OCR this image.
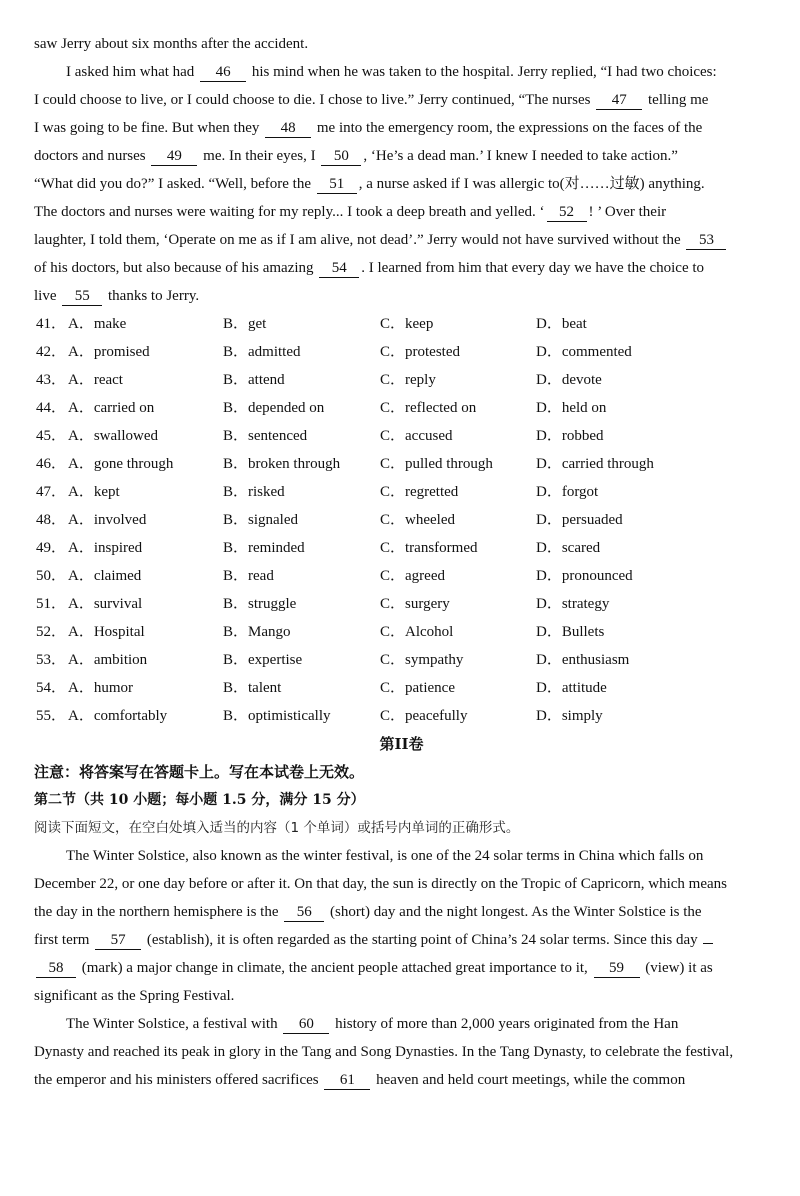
saw Jerry about six months after the accident.
I asked him what had 46 his mind when he was taken to the hospital. Jerry replied, “I had two choices:
I could choose to live, or I could choose to die. I chose to live.” Jerry continued, “The nurses 47 telling me
I was going to be fine. But when they 48 me into the emergency room, the expressions on the faces of the
doctors and nurses 49 me. In their eyes, I 50 , ‘He’s a dead man.’ I knew I needed to take action.”
“What did you do?” I asked. “Well, before the 51 , a nurse asked if I was allergic to(对……过敏) anything.
The doctors and nurses were waiting for my reply... I took a deep breath and yelled. ‘ 52 ! ’ Over their
laughter, I told them, ‘Operate on me as if I am alive, not dead’.” Jerry would not have survived without the 53
of his doctors, but also because of his amazing 54 . I learned from him that every day we have the choice to
live 55 thanks to Jerry.
41． A．make	B．get	C．keep	D．beat
42． A．promised	B．admitted	C．protested	D．commented
43． A．react	B．attend	C．reply	D．devote
44． A．carried on	B．depended on	C．reflected on	D．held on
45． A．swallowed	B．sentenced	C．accused	D．robbed
46． A．gone through	B．broken through	C．pulled through	D．carried through
47． A．kept	B．risked	C．regretted	D．forgot
48． A．involved	B．signaled	C．wheeled	D．persuaded
49． A．inspired	B．reminded	C．transformed	D．scared
50． A．claimed	B．read	C．agreed	D．pronounced
51． A．survival	B．struggle	C．surgery	D．strategy
52． A．Hospital	B．Mango	C．Alcohol	D．Bullets
53． A．ambition	B．expertise	C．sympathy	D．enthusiasm
54． A．humor	B．talent	C．patience	D．attitude
55． A．comfortably	B．optimistically	C．peacefully	D．simply
第II卷
注意：将答案写在答题卡上。写在本试卷上无效。
第二节（共 10 小题；每小题 1.5 分，满分 15 分）
阅读下面短文，在空白处填入适当的内容（1 个单词）或括号内单词的正确形式。
The Winter Solstice, also known as the winter festival, is one of the 24 solar terms in China which falls on
December 22, or one day before or after it. On that day, the sun is directly on the Tropic of Capricorn, which means
the day in the northern hemisphere is the 56 (short) day and the night longest. As the Winter Solstice is the
first term 57 (establish), it is often regarded as the starting point of China’s 24 solar terms. Since this day
58 (mark) a major change in climate, the ancient people attached great importance to it, 59 (view) it as
significant as the Spring Festival.
The Winter Solstice, a festival with 60 history of more than 2,000 years originated from the Han
Dynasty and reached its peak in glory in the Tang and Song Dynasties. In the Tang Dynasty, to celebrate the festival,
the emperor and his ministers offered sacrifices 61 heaven and held court meetings, while the common
